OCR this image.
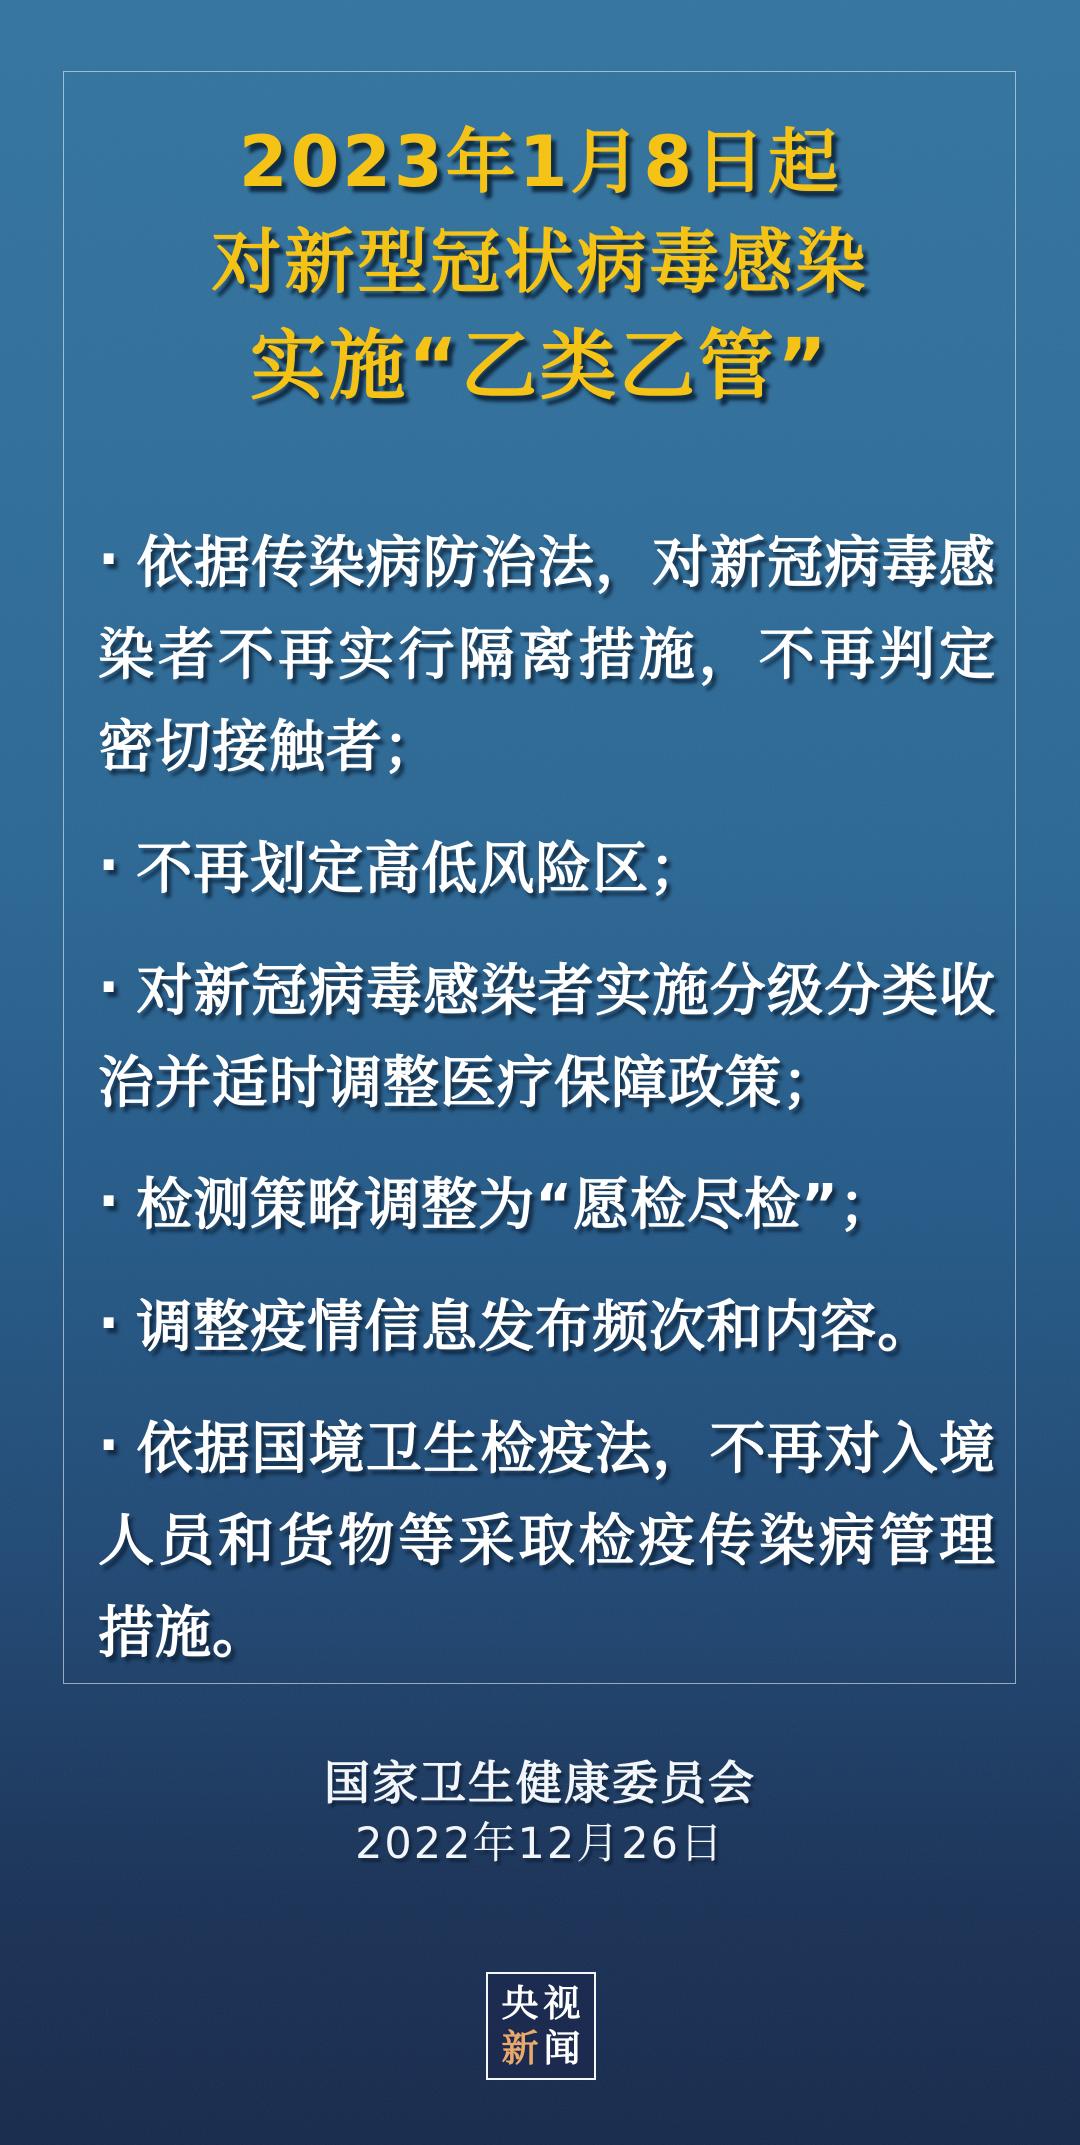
2023年1月8日起
对新型冠状病毒感染
实施“乙类乙管”

· 依据传染病防治法，对新冠病毒感染者不再实行隔离措施，不再判定密切接触者；

· 不再划定高低风险区；

· 对新冠病毒感染者实施分级分类收治并适时调整医疗保障政策；

· 检测策略调整为“愿检尽检”；

· 调整疫情信息发布频次和内容。

· 依据国境卫生检疫法，不再对入境人员和货物等采取检疫传染病管理措施。

国家卫生健康委员会
2022年12月26日
央视
新闻
